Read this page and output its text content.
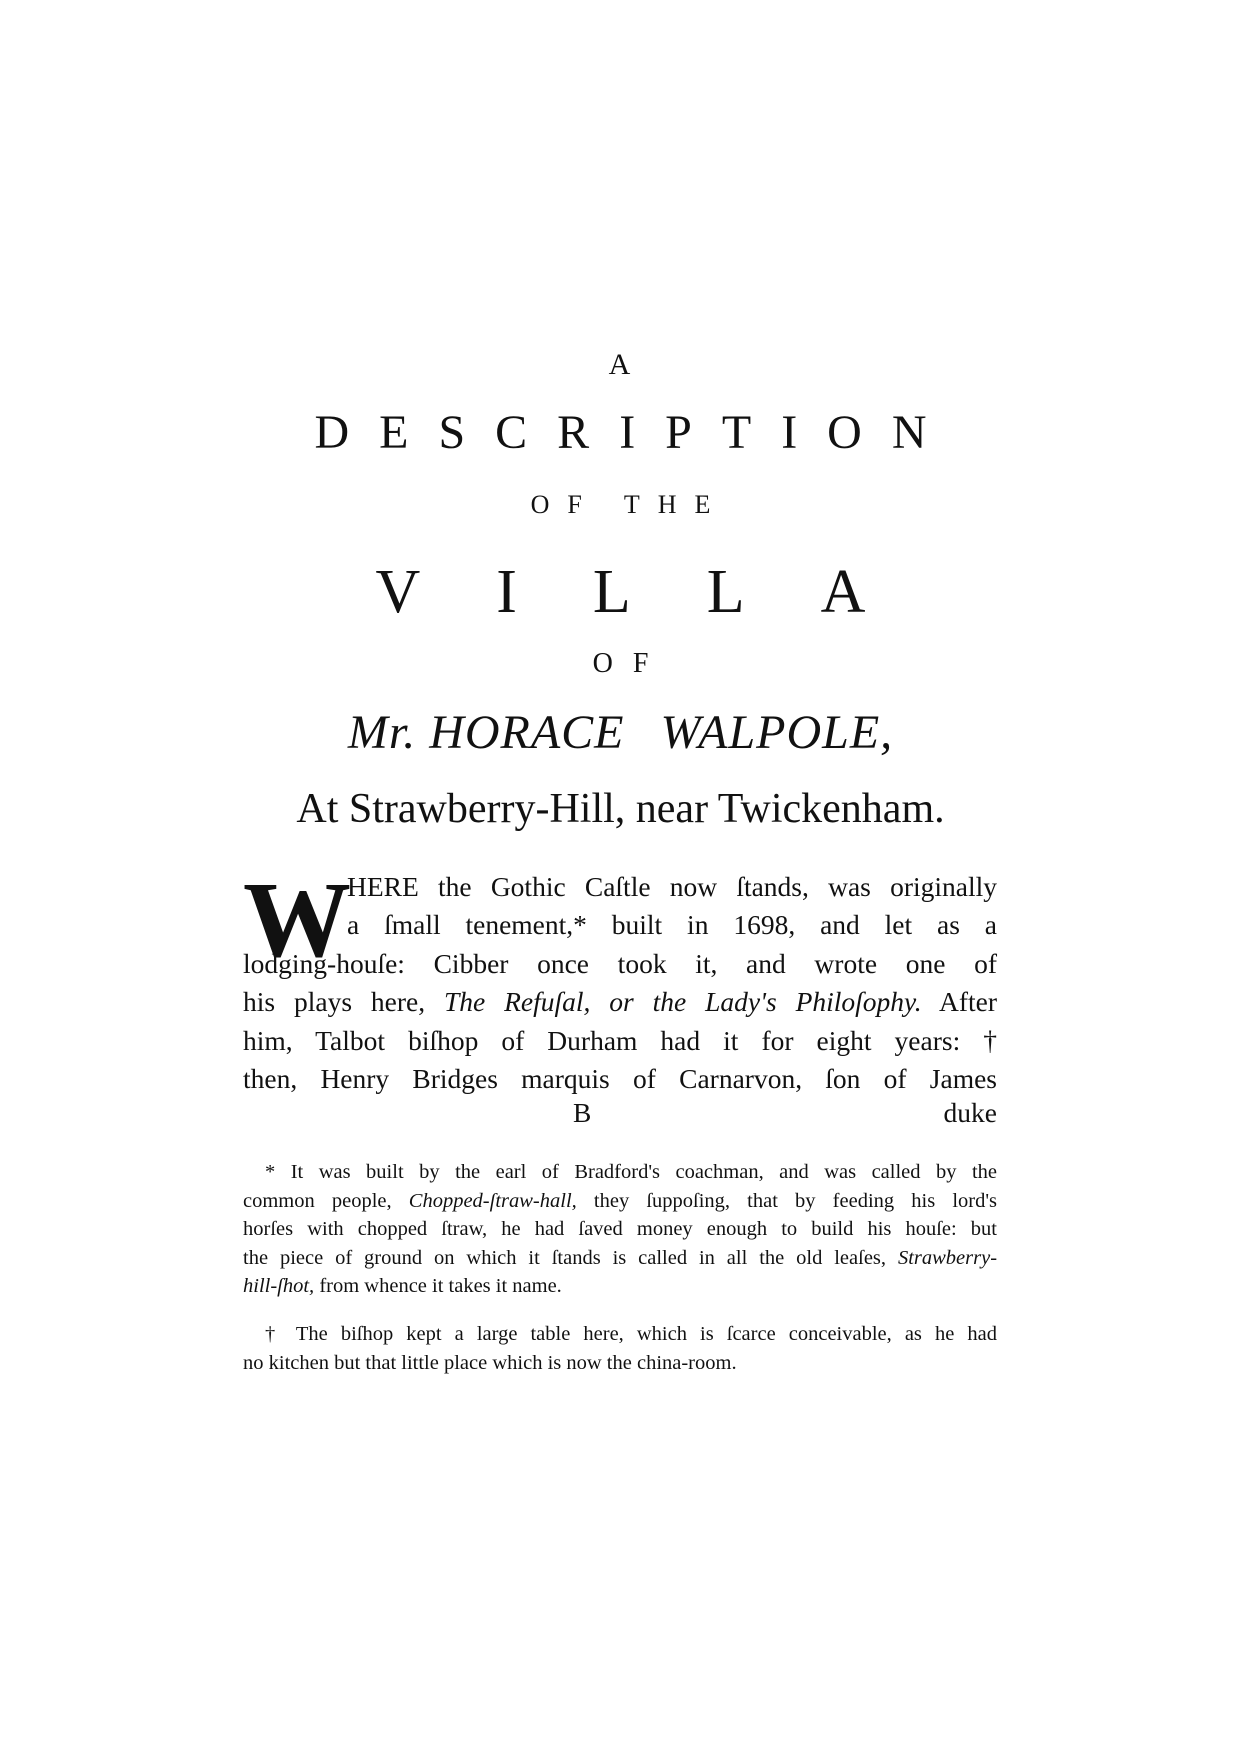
A
DESCRIPTION
OF THE
VILLA
OF
Mr. HORACE WALPOLE,
At Strawberry-Hill, near Twickenham.
W
HERE the Gothic Caſtle now ſtands, was originally
a ſmall tenement,* built in 1698, and let as a
lodging-houſe: Cibber once took it, and wrote one of
his plays here, The Refuſal, or the Lady's Philoſophy. After
him, Talbot biſhop of Durham had it for eight years: †
then, Henry Bridges marquis of Carnarvon, ſon of James
B	duke
* It was built by the earl of Bradford's coachman, and was called by the
common people, Chopped-ſtraw-hall, they ſuppoſing, that by feeding his lord's
horſes with chopped ſtraw, he had ſaved money enough to build his houſe: but
the piece of ground on which it ſtands is called in all the old leaſes, Strawberry-
hill-ſhot, from whence it takes it name.
† The biſhop kept a large table here, which is ſcarce conceivable, as he had
no kitchen but that little place which is now the china-room.
